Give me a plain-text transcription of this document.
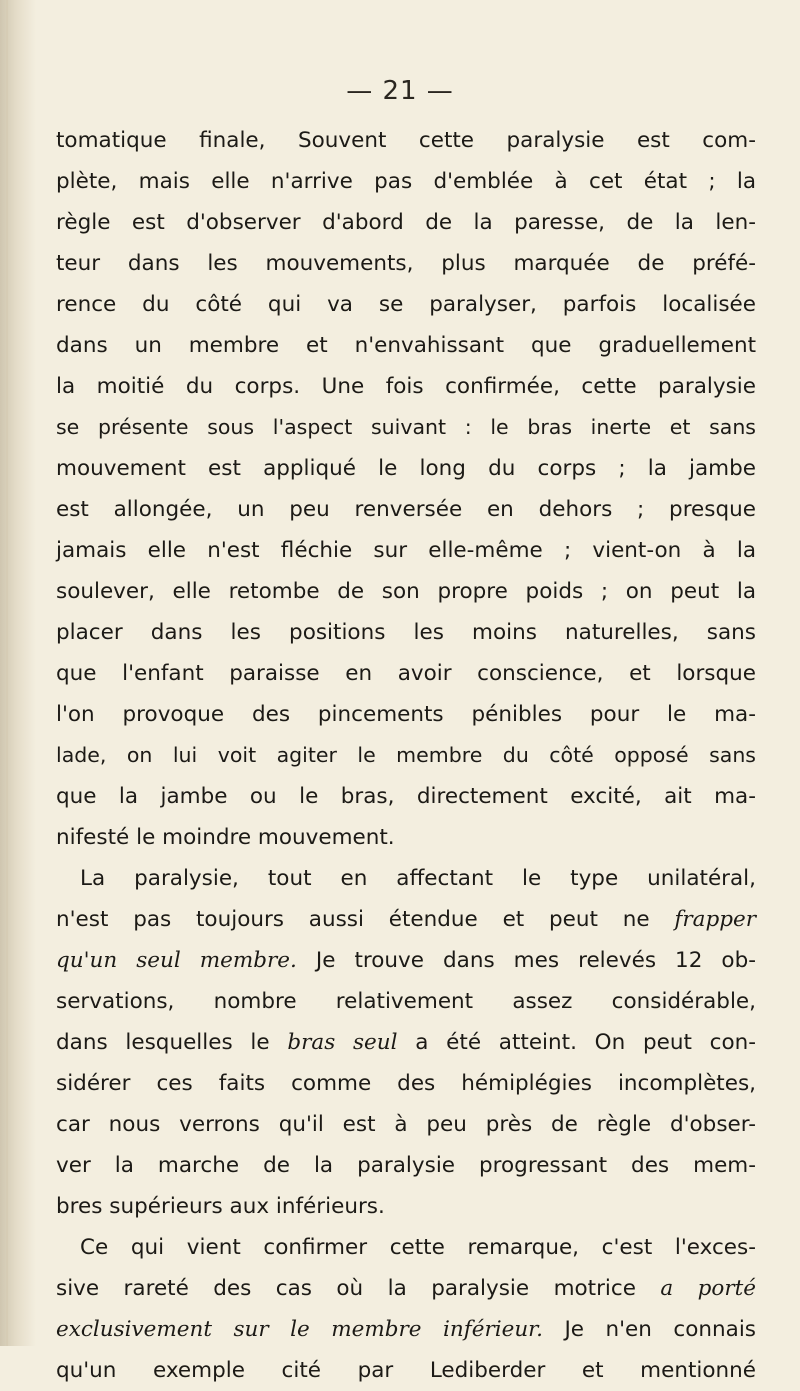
— 21 —
tomatique finale, Souvent cette paralysie est com-
plète, mais elle n'arrive pas d'emblée à cet état ; la
règle est d'observer d'abord de la paresse, de la len-
teur dans les mouvements, plus marquée de préfé-
rence du côté qui va se paralyser, parfois localisée
dans un membre et n'envahissant que graduellement
la moitié du corps. Une fois confirmée, cette paralysie
se présente sous l'aspect suivant : le bras inerte et sans
mouvement est appliqué le long du corps ; la jambe
est allongée, un peu renversée en dehors ; presque
jamais elle n'est fléchie sur elle-même ; vient-on à la
soulever, elle retombe de son propre poids ; on peut la
placer dans les positions les moins naturelles, sans
que l'enfant paraisse en avoir conscience, et lorsque
l'on provoque des pincements pénibles pour le ma-
lade, on lui voit agiter le membre du côté opposé sans
que la jambe ou le bras, directement excité, ait ma-
nifesté le moindre mouvement.
La paralysie, tout en affectant le type unilatéral,
n'est pas toujours aussi étendue et peut ne frapper
qu'un seul membre. Je trouve dans mes relevés 12 ob-
servations, nombre relativement assez considérable,
dans lesquelles le bras seul a été atteint. On peut con-
sidérer ces faits comme des hémiplégies incomplètes,
car nous verrons qu'il est à peu près de règle d'obser-
ver la marche de la paralysie progressant des mem-
bres supérieurs aux inférieurs.
Ce qui vient confirmer cette remarque, c'est l'exces-
sive rareté des cas où la paralysie motrice a porté
exclusivement sur le membre inférieur. Je n'en connais
qu'un exemple cité par Lediberder et mentionné
